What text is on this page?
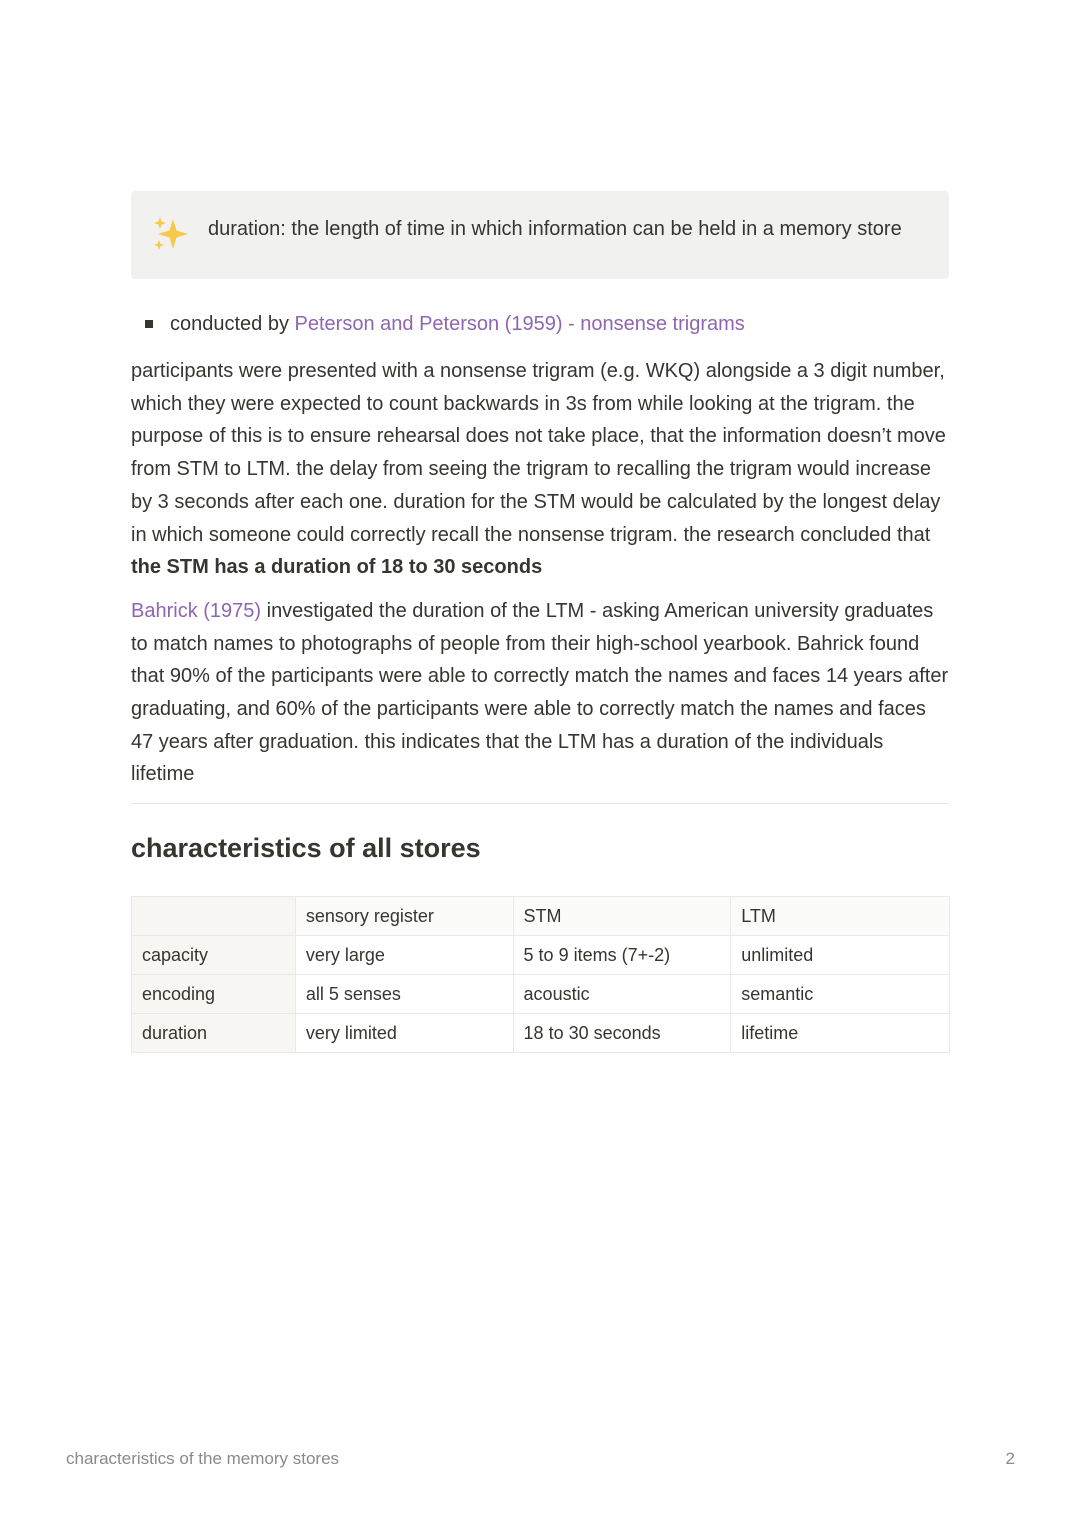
duration: the length of time in which information can be held in a memory store
conducted by Peterson and Peterson (1959) - nonsense trigrams

participants were presented with a nonsense trigram (e.g. WKQ) alongside a 3 digit number, which they were expected to count backwards in 3s from while looking at the trigram. the purpose of this is to ensure rehearsal does not take place, that the information doesn’t move from STM to LTM. the delay from seeing the trigram to recalling the trigram would increase by 3 seconds after each one. duration for the STM would be calculated by the longest delay in which someone could correctly recall the nonsense trigram. the research concluded that the STM has a duration of 18 to 30 seconds

Bahrick (1975) investigated the duration of the LTM - asking American university graduates to match names to photographs of people from their high-school yearbook. Bahrick found that 90% of the participants were able to correctly match the names and faces 14 years after graduating, and 60% of the participants were able to correctly match the names and faces 47 years after graduation. this indicates that the LTM has a duration of the individuals lifetime

characteristics of all stores
	sensory register	STM	LTM
capacity	very large	5 to 9 items (7+-2)	unlimited
encoding	all 5 senses	acoustic	semantic
duration	very limited	18 to 30 seconds	lifetime
characteristics of the memory stores	2
